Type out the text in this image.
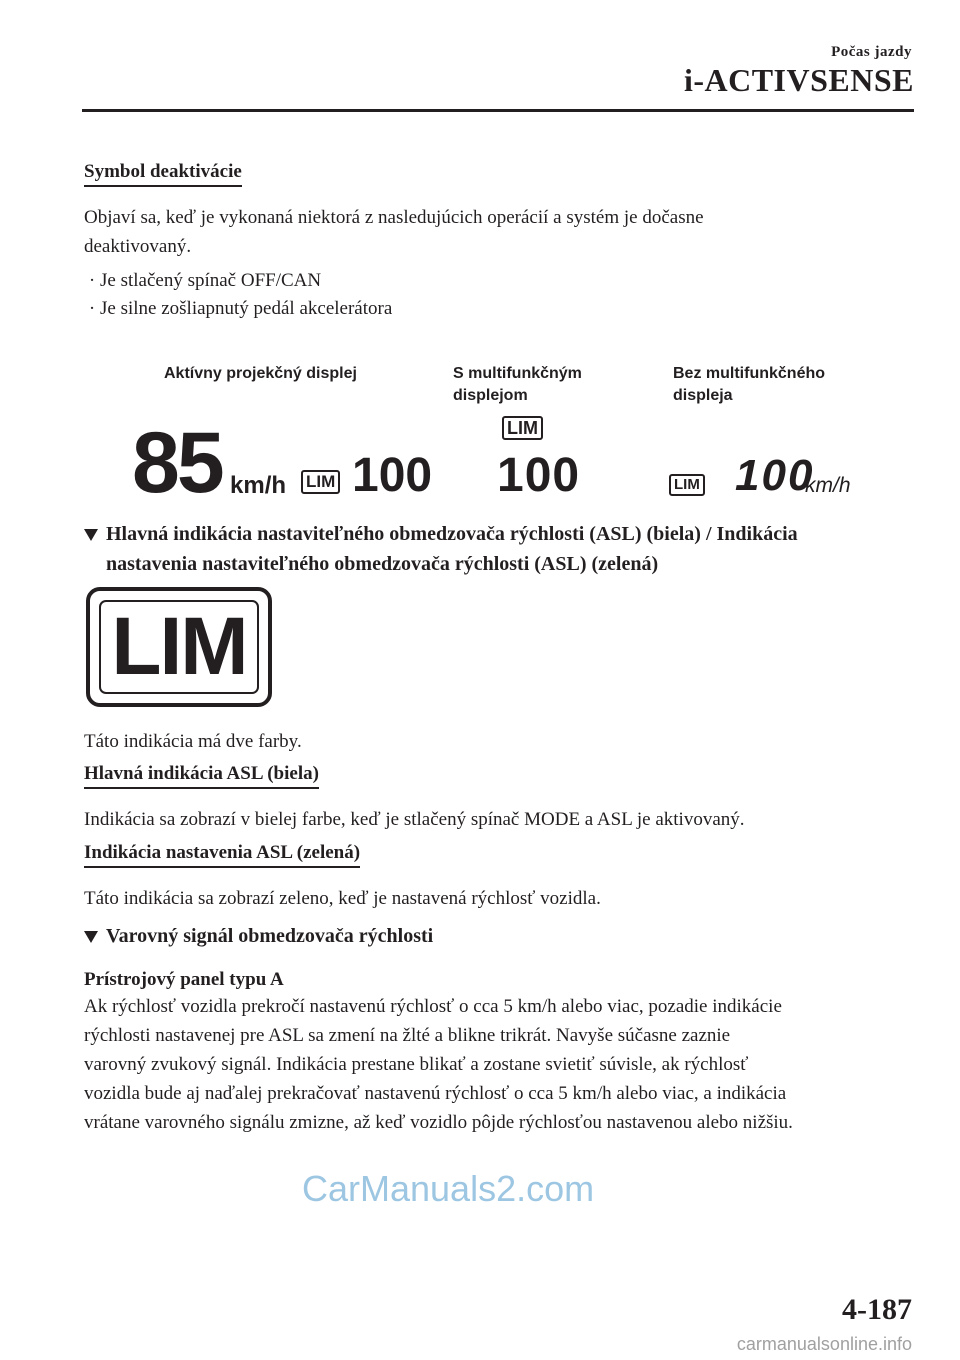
Počas jazdy
i-ACTIVSENSE
Symbol deaktivácie
Objaví sa, keď je vykonaná niektorá z nasledujúcich operácií a systém je dočasne
deaktivovaný.
· Je stlačený spínač OFF/CAN
· Je silne zošliapnutý pedál akcelerátora
Aktívny projekčný displej	S multifunkčným
displejom
Bez multifunkčného
displeja
85 km/h LIM 100
LIM
100	LIM 100
km/h
Hlavná indikácia nastaviteľného obmedzovača rýchlosti (ASL) (biela) / Indikácia
nastavenia nastaviteľného obmedzovača rýchlosti (ASL) (zelená)
LIM
Táto indikácia má dve farby.
Hlavná indikácia ASL (biela)
Indikácia sa zobrazí v bielej farbe, keď je stlačený spínač MODE a ASL je aktivovaný.
Indikácia nastavenia ASL (zelená)
Táto indikácia sa zobrazí zeleno, keď je nastavená rýchlosť vozidla.
Varovný signál obmedzovača rýchlosti
Prístrojový panel typu A
Ak rýchlosť vozidla prekročí nastavenú rýchlosť o cca 5 km/h alebo viac, pozadie indikácie
rýchlosti nastavenej pre ASL sa zmení na žlté a blikne trikrát. Navyše súčasne zaznie
varovný zvukový signál. Indikácia prestane blikať a zostane svietiť súvisle, ak rýchlosť
vozidla bude aj naďalej prekračovať nastavenú rýchlosť o cca 5 km/h alebo viac, a indikácia
vrátane varovného signálu zmizne, až keď vozidlo pôjde rýchlosťou nastavenou alebo nižšiu.
CarManuals2.com
4-187
carmanualsonline.info
